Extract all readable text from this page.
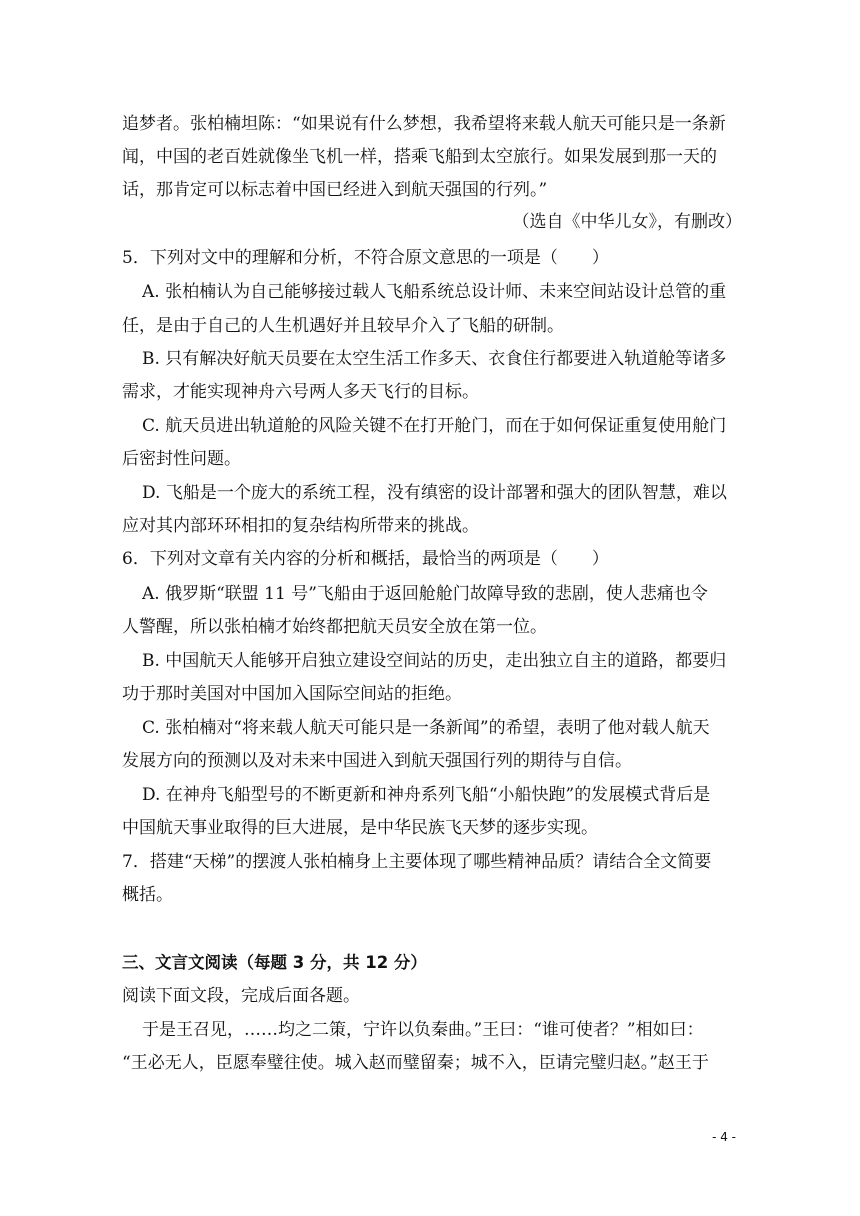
追梦者。张柏楠坦陈：“如果说有什么梦想，我希望将来载人航天可能只是一条新
闻，中国的老百姓就像坐飞机一样，搭乘飞船到太空旅行。如果发展到那一天的
话，那肯定可以标志着中国已经进入到航天强国的行列。”
（选自《中华儿女》，有删改）
5．下列对文中的理解和分析，不符合原文意思的一项是（　　）
A. 张柏楠认为自己能够接过载人飞船系统总设计师、未来空间站设计总管的重
任，是由于自己的人生机遇好并且较早介入了飞船的研制。
B. 只有解决好航天员要在太空生活工作多天、衣食住行都要进入轨道舱等诸多
需求，才能实现神舟六号两人多天飞行的目标。
C. 航天员进出轨道舱的风险关键不在打开舱门，而在于如何保证重复使用舱门
后密封性问题。
D. 飞船是一个庞大的系统工程，没有缜密的设计部署和强大的团队智慧，难以
应对其内部环环相扣的复杂结构所带来的挑战。
6．下列对文章有关内容的分析和概括，最恰当的两项是（　　）
A. 俄罗斯“联盟 11 号”飞船由于返回舱舱门故障导致的悲剧，使人悲痛也令
人警醒，所以张柏楠才始终都把航天员安全放在第一位。
B. 中国航天人能够开启独立建设空间站的历史，走出独立自主的道路，都要归
功于那时美国对中国加入国际空间站的拒绝。
C. 张柏楠对“将来载人航天可能只是一条新闻”的希望，表明了他对载人航天
发展方向的预测以及对未来中国进入到航天强国行列的期待与自信。
D. 在神舟飞船型号的不断更新和神舟系列飞船“小船快跑”的发展模式背后是
中国航天事业取得的巨大进展，是中华民族飞天梦的逐步实现。
7．搭建“天梯”的摆渡人张柏楠身上主要体现了哪些精神品质？请结合全文简要
概括。
三、文言文阅读（每题 3 分，共 12 分）
阅读下面文段，完成后面各题。
于是王召见，……均之二策，宁许以负秦曲。”王曰：“谁可使者？”相如曰：
“王必无人，臣愿奉璧往使。城入赵而璧留秦；城不入，臣请完璧归赵。”赵王于
- 4 -
